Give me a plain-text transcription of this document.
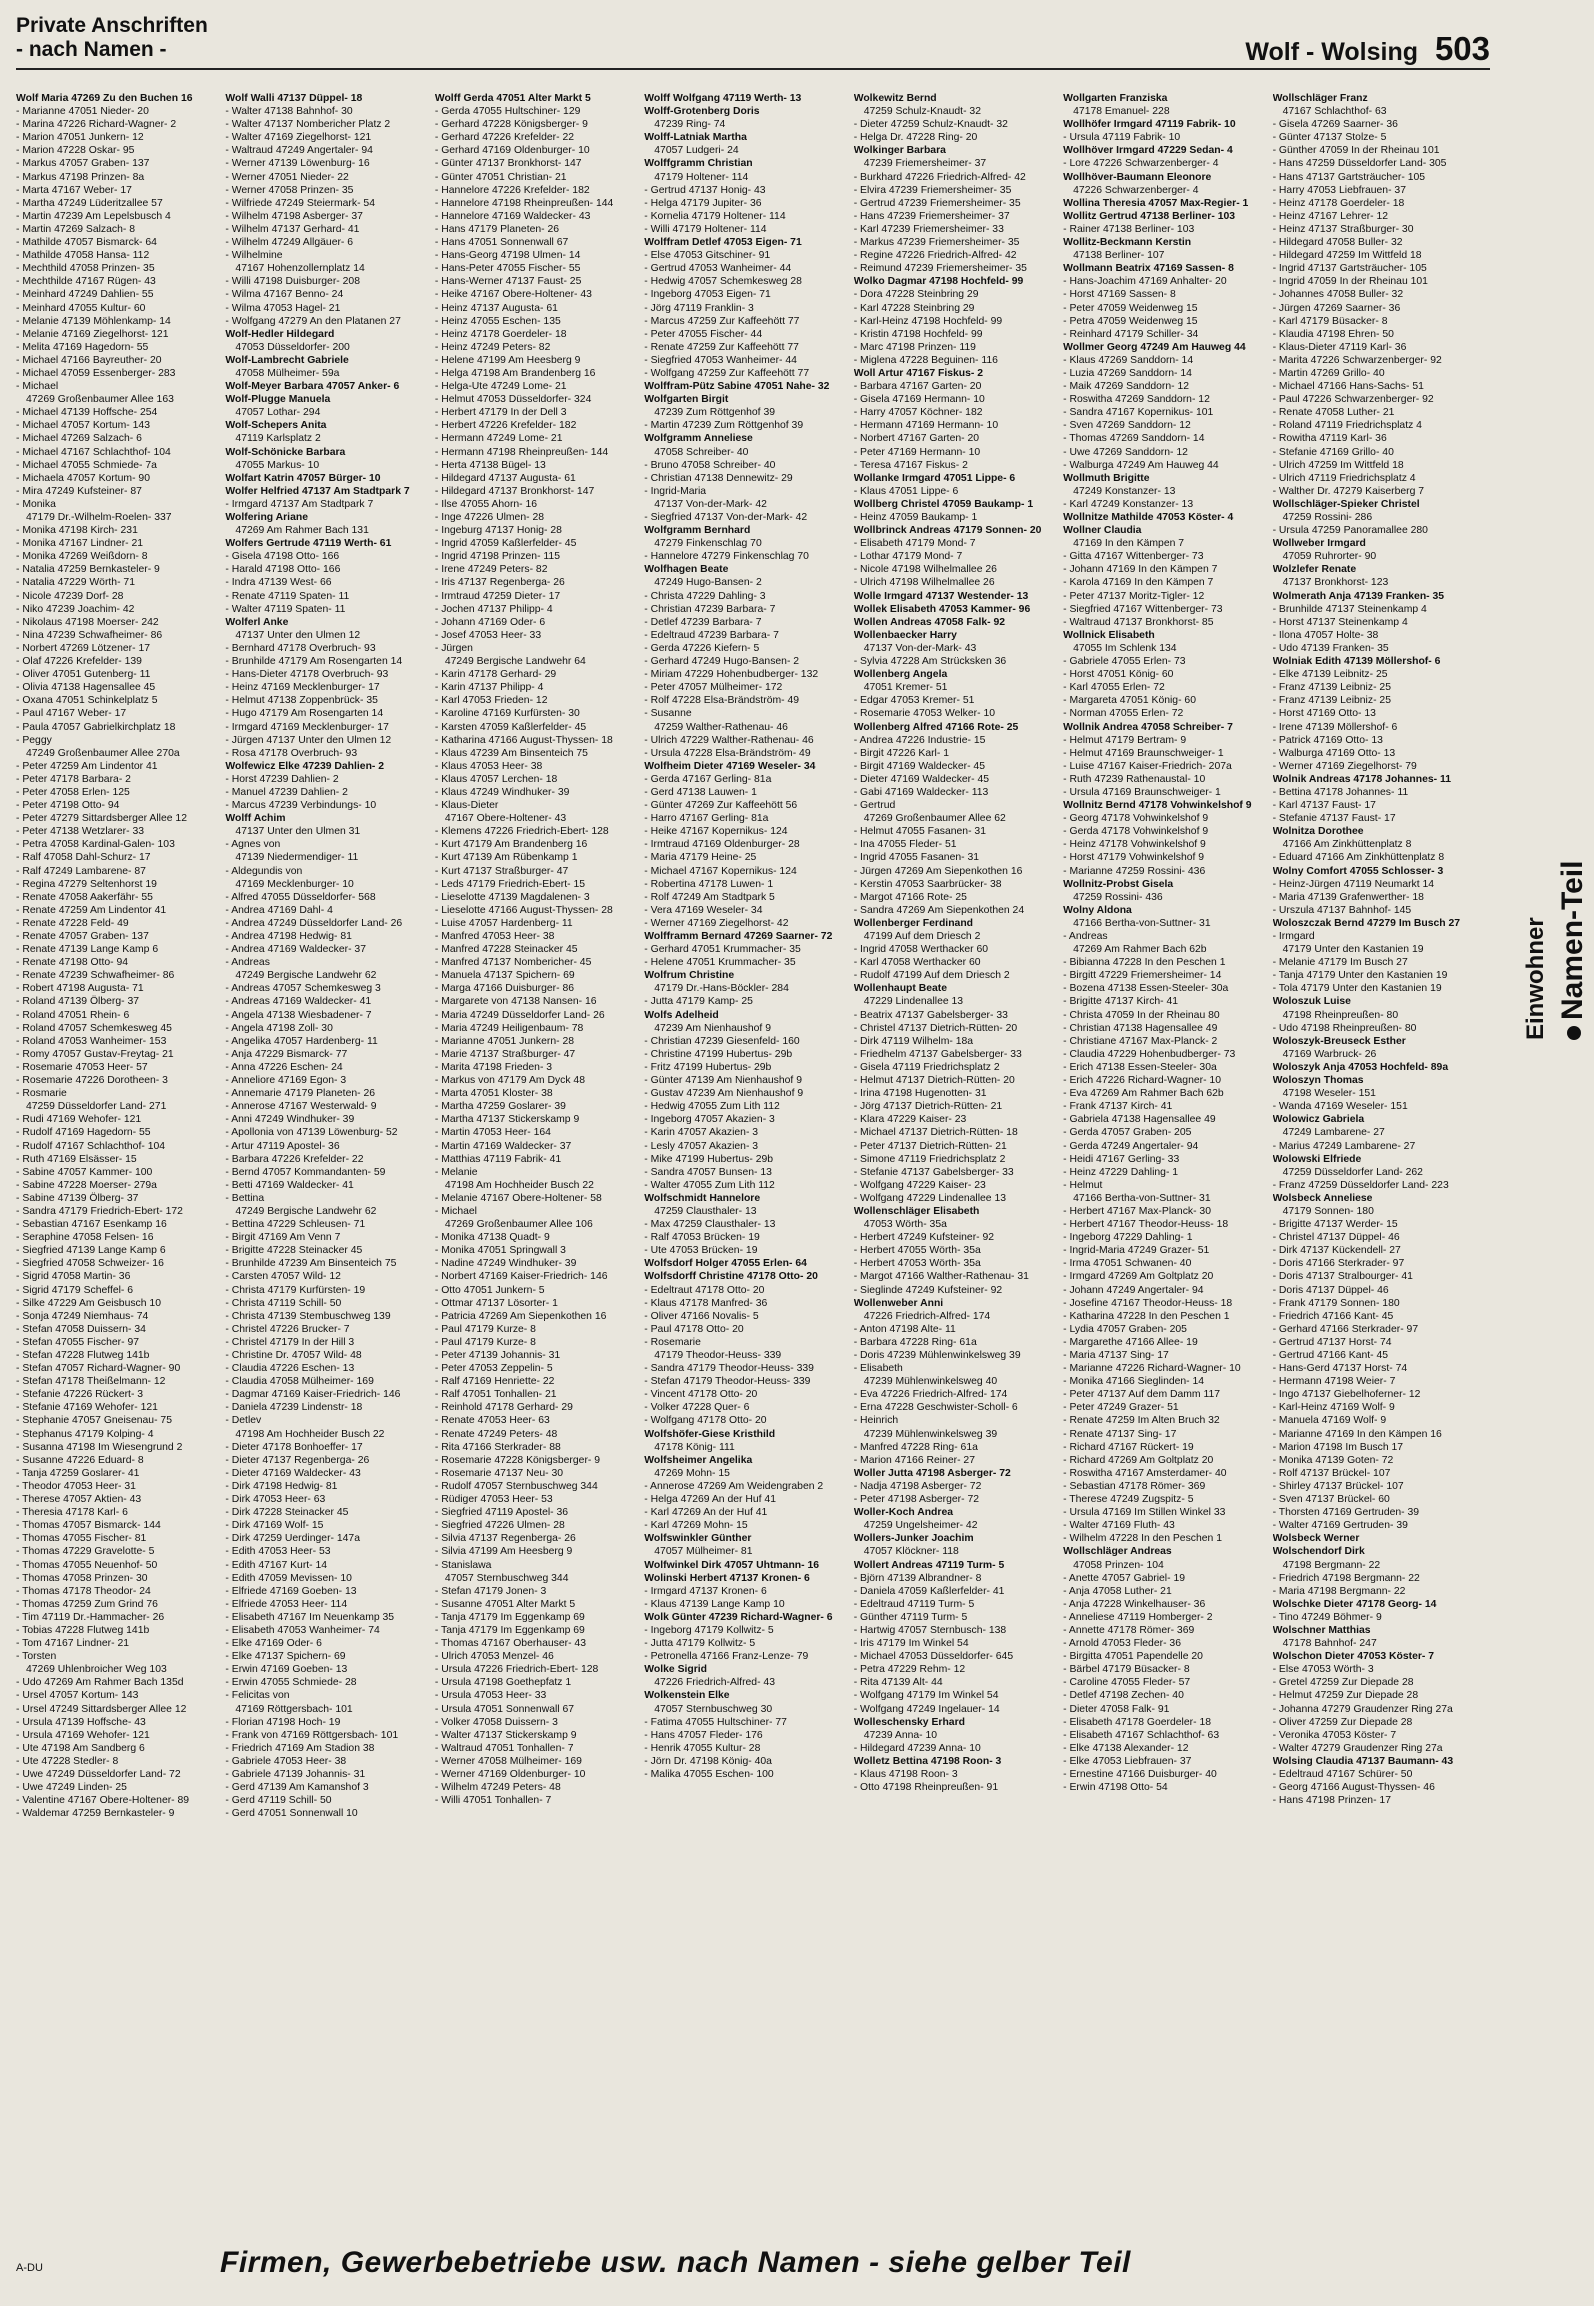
Private Anschriften
- nach Namen -	Wolf - Wolsing 503
Wolf Maria 47269 Zu den Buchen 16
- Marianne 47051 Nieder- 20
- Marina 47226 Richard-Wagner- 2
- Marion 47051 Junkern- 12
- Marion 47228 Oskar- 95
- Markus 47057 Graben- 137
- Markus 47198 Prinzen- 8a
- Marta 47167 Weber- 17
- Martha 47249 Lüderitzallee 57
- Martin 47239 Am Lepelsbusch 4
- Martin 47269 Salzach- 8
- Mathilde 47057 Bismarck- 64
- Mathilde 47058 Hansa- 112
- Mechthild 47058 Prinzen- 35
- Mechthilde 47167 Rügen- 43
- Meinhard 47249 Dahlien- 55
- Meinhard 47055 Kultur- 60
- Melanie 47139 Möhlenkamp- 14
- Melanie 47169 Ziegelhorst- 121
- Melita 47169 Hagedorn- 55
- Michael 47166 Bayreuther- 20
- Michael 47059 Essenberger- 283
- Michael
47269 Großenbaumer Allee 163
- Michael 47139 Hoffsche- 254
- Michael 47057 Kortum- 143
- Michael 47269 Salzach- 6
- Michael 47167 Schlachthof- 104
- Michael 47055 Schmiede- 7a
- Michaela 47057 Kortum- 90
- Mira 47249 Kufsteiner- 87
- Monika
47179 Dr.-Wilhelm-Roelen- 337
- Monika 47198 Kirch- 231
- Monika 47167 Lindner- 21
- Monika 47269 Weißdorn- 8
- Natalia 47259 Bernkasteler- 9
- Natalia 47229 Wörth- 71
- Nicole 47239 Dorf- 28
- Niko 47239 Joachim- 42
- Nikolaus 47198 Moerser- 242
- Nina 47239 Schwafheimer- 86
- Norbert 47269 Lötzener- 17
- Olaf 47226 Krefelder- 139
- Oliver 47051 Gutenberg- 11
- Olivia 47138 Hagensallee 45
- Oxana 47051 Schinkelplatz 5
- Paul 47167 Weber- 17
- Paula 47057 Gabrielkirchplatz 18
- Peggy
47249 Großenbaumer Allee 270a
- Peter 47259 Am Lindentor 41
- Peter 47178 Barbara- 2
- Peter 47058 Erlen- 125
- Peter 47198 Otto- 94
- Peter 47279 Sittardsberger Allee 12
- Peter 47138 Wetzlarer- 33
- Petra 47058 Kardinal-Galen- 103
- Ralf 47058 Dahl-Schurz- 17
- Ralf 47249 Lambarene- 87
- Regina 47279 Seltenhorst 19
- Renate 47058 Aakerfähr- 55
- Renate 47259 Am Lindentor 41
- Renate 47228 Feld- 49
- Renate 47057 Graben- 137
- Renate 47139 Lange Kamp 6
- Renate 47198 Otto- 94
- Renate 47239 Schwafheimer- 86
- Robert 47198 Augusta- 71
- Roland 47139 Ölberg- 37
- Roland 47051 Rhein- 6
- Roland 47057 Schemkesweg 45
- Roland 47053 Wanheimer- 153
- Romy 47057 Gustav-Freytag- 21
- Rosemarie 47053 Heer- 57
- Rosemarie 47226 Dorotheen- 3
- Rosmarie
47259 Düsseldorfer Land- 271
- Rudi 47169 Wehofer- 121
- Rudolf 47169 Hagedorn- 55
- Rudolf 47167 Schlachthof- 104
- Ruth 47169 Elsässer- 15
- Sabine 47057 Kammer- 100
- Sabine 47228 Moerser- 279a
- Sabine 47139 Ölberg- 37
- Sandra 47179 Friedrich-Ebert- 172
- Sebastian 47167 Esenkamp 16
- Seraphine 47058 Felsen- 16
- Siegfried 47139 Lange Kamp 6
- Siegfried 47058 Schweizer- 16
- Sigrid 47058 Martin- 36
- Sigrid 47179 Scheffel- 6
- Silke 47229 Am Geisbusch 10
- Sonja 47249 Niemhaus- 74
- Stefan 47058 Duissern- 34
- Stefan 47055 Fischer- 97
- Stefan 47228 Flutweg 141b
- Stefan 47057 Richard-Wagner- 90
- Stefan 47178 Theißelmann- 12
- Stefanie 47226 Rückert- 3
- Stefanie 47169 Wehofer- 121
- Stephanie 47057 Gneisenau- 75
- Stephanus 47179 Kolping- 4
- Susanna 47198 Im Wiesengrund 2
- Susanne 47226 Eduard- 8
- Tanja 47259 Goslarer- 41
- Theodor 47053 Heer- 31
- Therese 47057 Aktien- 43
- Theresia 47178 Karl- 6
- Thomas 47057 Bismarck- 144
- Thomas 47055 Fischer- 81
- Thomas 47229 Gravelotte- 5
- Thomas 47055 Neuenhof- 50
- Thomas 47058 Prinzen- 30
- Thomas 47178 Theodor- 24
- Thomas 47259 Zum Grind 76
- Tim 47119 Dr.-Hammacher- 26
- Tobias 47228 Flutweg 141b
- Tom 47167 Lindner- 21
- Torsten
47269 Uhlenbroicher Weg 103
- Udo 47269 Am Rahmer Bach 135d
- Ursel 47057 Kortum- 143
- Ursel 47249 Sittardsberger Allee 12
- Ursula 47139 Hoffsche- 43
- Ursula 47169 Wehofer- 121
- Ute 47198 Am Sandberg 6
- Ute 47228 Stedler- 8
- Uwe 47249 Düsseldorfer Land- 72
- Uwe 47249 Linden- 25
- Valentine 47167 Obere-Holtener- 89
- Waldemar 47259 Bernkasteler- 9
Wolf Walli 47137 Düppel- 18
- Walter 47138 Bahnhof- 30
- Walter 47137 Nombericher Platz 2
- Walter 47169 Ziegelhorst- 121
- Waltraud 47249 Angertaler- 94
- Werner 47139 Löwenburg- 16
- Werner 47051 Nieder- 22
- Werner 47058 Prinzen- 35
- Wilfriede 47249 Steiermark- 54
- Wilhelm 47198 Asberger- 37
- Wilhelm 47137 Gerhard- 41
- Wilhelm 47249 Allgäuer- 6
- Wilhelmine
47167 Hohenzollernplatz 14
- Willi 47198 Duisburger- 208
- Wilma 47167 Benno- 24
- Wilma 47053 Hagel- 21
- Wolfgang 47279 An den Platanen 27
Wolf-Hedler Hildegard
47053 Düsseldorfer- 200
Wolf-Lambrecht Gabriele
47058 Mülheimer- 59a
Wolf-Meyer Barbara 47057 Anker- 6
Wolf-Plugge Manuela
47057 Lothar- 294
Wolf-Schepers Anita
47119 Karlsplatz 2
Wolf-Schönicke Barbara
47055 Markus- 10
Wolfart Katrin 47057 Bürger- 10
Wolfer Helfried 47137 Am Stadtpark 7
- Irmgard 47137 Am Stadtpark 7
Wolfering Ariane
47269 Am Rahmer Bach 131
Wolfers Gertrude 47119 Werth- 61
- Gisela 47198 Otto- 166
- Harald 47198 Otto- 166
- Indra 47139 West- 66
- Renate 47119 Spaten- 11
- Walter 47119 Spaten- 11
Wolferl Anke
47137 Unter den Ulmen 12
- Bernhard 47178 Overbruch- 93
- Brunhilde 47179 Am Rosengarten 14
- Hans-Dieter 47178 Overbruch- 93
- Heinz 47169 Mecklenburger- 17
- Helmut 47138 Zoppenbrück- 35
- Hugo 47179 Am Rosengarten 14
- Irmgard 47169 Mecklenburger- 17
- Jürgen 47137 Unter den Ulmen 12
- Rosa 47178 Overbruch- 93
Wolfewicz Elke 47239 Dahlien- 2
- Horst 47239 Dahlien- 2
- Manuel 47239 Dahlien- 2
- Marcus 47239 Verbindungs- 10
Wolff Achim
47137 Unter den Ulmen 31
- Agnes von
47139 Niedermendiger- 11
- Aldegundis von
47169 Mecklenburger- 10
- Alfred 47055 Düsseldorfer- 568
- Andrea 47169 Dahl- 4
- Andrea 47249 Düsseldorfer Land- 26
- Andrea 47198 Hedwig- 81
- Andrea 47169 Waldecker- 37
- Andreas
47249 Bergische Landwehr 62
- Andreas 47057 Schemkesweg 3
- Andreas 47169 Waldecker- 41
- Angela 47138 Wiesbadener- 7
- Angela 47198 Zoll- 30
- Angelika 47057 Hardenberg- 11
- Anja 47229 Bismarck- 77
- Anna 47226 Eschen- 24
- Anneliore 47169 Egon- 3
- Annemarie 47179 Planeten- 26
- Annerose 47167 Westerwald- 9
- Anni 47249 Windhuker- 39
- Apollonia von 47139 Löwenburg- 52
- Artur 47119 Apostel- 36
- Barbara 47226 Krefelder- 22
- Bernd 47057 Kommandanten- 59
- Betti 47169 Waldecker- 41
- Bettina
47249 Bergische Landwehr 62
- Bettina 47229 Schleusen- 71
- Birgit 47169 Am Venn 7
- Brigitte 47228 Steinacker 45
- Brunhilde 47239 Am Binsenteich 75
- Carsten 47057 Wild- 12
- Christa 47179 Kurfürsten- 19
- Christa 47119 Schill- 50
- Christa 47139 Stembuschweg 139
- Christel 47226 Brucker- 7
- Christel 47179 In der Hill 3
- Christine Dr. 47057 Wild- 48
- Claudia 47226 Eschen- 13
- Claudia 47058 Mülheimer- 169
- Dagmar 47169 Kaiser-Friedrich- 146
- Daniela 47239 Lindenstr- 18
- Detlev
47198 Am Hochheider Busch 22
- Dieter 47178 Bonhoeffer- 17
- Dieter 47137 Regenberga- 26
- Dieter 47169 Waldecker- 43
- Dirk 47198 Hedwig- 81
- Dirk 47053 Heer- 63
- Dirk 47228 Steinacker 45
- Dirk 47169 Wolf- 15
- Dirk 47259 Uerdinger- 147a
- Edith 47053 Heer- 53
- Edith 47167 Kurt- 14
- Edith 47059 Mevissen- 10
- Elfriede 47169 Goeben- 13
- Elfriede 47053 Heer- 114
- Elisabeth 47167 Im Neuenkamp 35
- Elisabeth 47053 Wanheimer- 74
- Elke 47169 Oder- 6
- Elke 47137 Spichern- 69
- Erwin 47169 Goeben- 13
- Erwin 47055 Schmiede- 28
- Felicitas von
47169 Röttgersbach- 101
- Florian 47198 Hoch- 19
- Frank von 47169 Röttgersbach- 101
- Friedrich 47169 Am Stadion 38
- Gabriele 47053 Heer- 38
- Gabriele 47139 Johannis- 31
- Gerd 47139 Am Kamanshof 3
- Gerd 47119 Schill- 50
- Gerd 47051 Sonnenwall 10
Wolff Gerda 47051 Alter Markt 5
- Gerda 47055 Hultschiner- 129
- Gerhard 47228 Königsberger- 9
- Gerhard 47226 Krefelder- 22
- Gerhard 47169 Oldenburger- 10
- Günter 47137 Bronkhorst- 147
- Günter 47051 Christian- 21
- Hannelore 47226 Krefelder- 182
- Hannelore 47198 Rheinpreußen- 144
- Hannelore 47169 Waldecker- 43
- Hans 47179 Planeten- 26
- Hans 47051 Sonnenwall 67
- Hans-Georg 47198 Ulmen- 14
- Hans-Peter 47055 Fischer- 55
- Hans-Werner 47137 Faust- 25
- Heike 47167 Obere-Holtener- 43
- Heinz 47137 Augusta- 61
- Heinz 47055 Eschen- 135
- Heinz 47178 Goerdeler- 18
- Heinz 47249 Peters- 82
- Helene 47199 Am Heesberg 9
- Helga 47198 Am Brandenberg 16
- Helga-Ute 47249 Lome- 21
- Helmut 47053 Düsseldorfer- 324
- Herbert 47179 In der Dell 3
- Herbert 47226 Krefelder- 182
- Hermann 47249 Lome- 21
- Hermann 47198 Rheinpreußen- 144
- Herta 47138 Bügel- 13
- Hildegard 47137 Augusta- 61
- Hildegard 47137 Bronkhorst- 147
- Ilse 47055 Ahorn- 16
- Inge 47226 Ulmen- 28
- Ingeburg 47137 Honig- 28
- Ingrid 47059 Kaßlerfelder- 45
- Ingrid 47198 Prinzen- 115
- Irene 47249 Peters- 82
- Iris 47137 Regenberga- 26
- Irmtraud 47259 Dieter- 17
- Jochen 47137 Philipp- 4
- Johann 47169 Oder- 6
- Josef 47053 Heer- 33
- Jürgen
47249 Bergische Landwehr 64
- Karin 47178 Gerhard- 29
- Karin 47137 Philipp- 4
- Karl 47053 Frieden- 12
- Karoline 47169 Kurfürsten- 30
- Karsten 47059 Kaßlerfelder- 45
- Katharina 47166 August-Thyssen- 18
- Klaus 47239 Am Binsenteich 75
- Klaus 47053 Heer- 38
- Klaus 47057 Lerchen- 18
- Klaus 47249 Windhuker- 39
- Klaus-Dieter
47167 Obere-Holtener- 43
- Klemens 47226 Friedrich-Ebert- 128
- Kurt 47179 Am Brandenberg 16
- Kurt 47139 Am Rübenkamp 1
- Kurt 47137 Straßburger- 47
- Leds 47179 Friedrich-Ebert- 15
- Lieselotte 47139 Magdalenen- 3
- Lieselotte 47166 August-Thyssen- 28
- Luise 47057 Hardenberg- 11
- Manfred 47053 Heer- 38
- Manfred 47228 Steinacker 45
- Manfred 47137 Nombericher- 45
- Manuela 47137 Spichern- 69
- Marga 47166 Duisburger- 86
- Margarete von 47138 Nansen- 16
- Maria 47249 Düsseldorfer Land- 26
- Maria 47249 Heiligenbaum- 78
- Marianne 47051 Junkern- 28
- Marie 47137 Straßburger- 47
- Marita 47198 Frieden- 3
- Markus von 47179 Am Dyck 48
- Marta 47051 Kloster- 38
- Martha 47259 Goslarer- 39
- Martha 47137 Stickerskamp 9
- Martin 47053 Heer- 164
- Martin 47169 Waldecker- 37
- Matthias 47119 Fabrik- 41
- Melanie
47198 Am Hochheider Busch 22
- Melanie 47167 Obere-Holtener- 58
- Michael
47269 Großenbaumer Allee 106
- Monika 47138 Quadt- 9
- Monika 47051 Springwall 3
- Nadine 47249 Windhuker- 39
- Norbert 47169 Kaiser-Friedrich- 146
- Otto 47051 Junkern- 5
- Ottmar 47137 Lösorter- 1
- Patricia 47269 Am Siepenkothen 16
- Paul 47179 Kurze- 8
- Paul 47179 Kurze- 8
- Peter 47139 Johannis- 31
- Peter 47053 Zeppelin- 5
- Ralf 47169 Henriette- 22
- Ralf 47051 Tonhallen- 21
- Reinhold 47178 Gerhard- 29
- Renate 47053 Heer- 63
- Renate 47249 Peters- 48
- Rita 47166 Sterkrader- 88
- Rosemarie 47228 Königsberger- 9
- Rosemarie 47137 Neu- 30
- Rudolf 47057 Sternbuschweg 344
- Rüdiger 47053 Heer- 53
- Siegfried 47119 Apostel- 36
- Siegfried 47226 Ulmen- 28
- Silvia 47137 Regenberga- 26
- Silvia 47199 Am Heesberg 9
- Stanislawa
47057 Sternbuschweg 344
- Stefan 47179 Jonen- 3
- Susanne 47051 Alter Markt 5
- Tanja 47179 Im Eggenkamp 69
- Tanja 47179 Im Eggenkamp 69
- Thomas 47167 Oberhauser- 43
- Ulrich 47053 Menzel- 46
- Ursula 47226 Friedrich-Ebert- 128
- Ursula 47198 Goethepfatz 1
- Ursula 47053 Heer- 33
- Ursula 47051 Sonnenwall 67
- Volker 47058 Duissern- 3
- Walter 47137 Stickerskamp 9
- Waltraud 47051 Tonhallen- 7
- Werner 47058 Mülheimer- 169
- Werner 47169 Oldenburger- 10
- Wilhelm 47249 Peters- 48
- Willi 47051 Tonhallen- 7
Wolff Wolfgang 47119 Werth- 13
Wolff-Grotenberg Doris
47239 Ring- 74
Wolff-Latniak Martha
47057 Ludgeri- 24
Wolffgramm Christian
47179 Holtener- 114
- Gertrud 47137 Honig- 43
- Helga 47179 Jupiter- 36
- Kornelia 47179 Holtener- 114
- Willi 47179 Holtener- 114
Wolffram Detlef 47053 Eigen- 71
- Else 47053 Gitschiner- 91
- Gertrud 47053 Wanheimer- 44
- Hedwig 47057 Schemkesweg 28
- Ingeborg 47053 Eigen- 71
- Jörg 47119 Franklin- 3
- Marcus 47259 Zur Kaffeehött 77
- Peter 47055 Fischer- 44
- Renate 47259 Zur Kaffeehött 77
- Siegfried 47053 Wanheimer- 44
- Wolfgang 47259 Zur Kaffeehött 77
Wolffram-Pütz Sabine 47051 Nahe- 32
Wolfgarten Birgit
47239 Zum Röttgenhof 39
- Martin 47239 Zum Röttgenhof 39
Wolfgramm Anneliese
47058 Schreiber- 40
- Bruno 47058 Schreiber- 40
- Christian 47138 Dennewitz- 29
- Ingrid-Maria
47137 Von-der-Mark- 42
- Siegfried 47137 Von-der-Mark- 42
Wolfgramm Bernhard
47279 Finkenschlag 70
- Hannelore 47279 Finkenschlag 70
Wolfhagen Beate
47249 Hugo-Bansen- 2
- Christa 47229 Dahling- 3
- Christian 47239 Barbara- 7
- Detlef 47239 Barbara- 7
- Edeltraud 47239 Barbara- 7
- Gerda 47226 Kiefern- 5
- Gerhard 47249 Hugo-Bansen- 2
- Miriam 47229 Hohenbudberger- 132
- Peter 47057 Mülheimer- 172
- Rolf 47228 Elsa-Brändström- 49
- Susanne
47259 Walther-Rathenau- 46
- Ulrich 47229 Walther-Rathenau- 46
- Ursula 47228 Elsa-Brändström- 49
Wolfheim Dieter 47169 Weseler- 34
- Gerda 47167 Gerling- 81a
- Gerd 47138 Lauwen- 1
- Günter 47269 Zur Kaffeehött 56
- Harro 47167 Gerling- 81a
- Heike 47167 Kopernikus- 124
- Irmtraud 47169 Oldenburger- 28
- Maria 47179 Heine- 25
- Michael 47167 Kopernikus- 124
- Robertina 47178 Luwen- 1
- Rolf 47249 Am Stadtpark 5
- Vera 47169 Weseler- 34
- Werner 47169 Ziegelhorst- 42
Wolfframm Bernard 47269 Saarner- 72
- Gerhard 47051 Krummacher- 35
- Helene 47051 Krummacher- 35
Wolfrum Christine
47179 Dr.-Hans-Böckler- 284
- Jutta 47179 Kamp- 25
Wolfs Adelheid
47239 Am Nienhaushof 9
- Christian 47239 Giesenfeld- 160
- Christine 47199 Hubertus- 29b
- Fritz 47199 Hubertus- 29b
- Günter 47139 Am Nienhaushof 9
- Gustav 47239 Am Nienhaushof 9
- Hedwig 47055 Zum Lith 112
- Ingeborg 47057 Akazien- 3
- Karin 47057 Akazien- 3
- Lesly 47057 Akazien- 3
- Mike 47199 Hubertus- 29b
- Sandra 47057 Bunsen- 13
- Walter 47055 Zum Lith 112
Wolfschmidt Hannelore
47259 Clausthaler- 13
- Max 47259 Clausthaler- 13
- Ralf 47053 Brücken- 19
- Ute 47053 Brücken- 19
Wolfsdorf Holger 47055 Erlen- 64
Wolfsdorff Christine 47178 Otto- 20
- Edeltraut 47178 Otto- 20
- Klaus 47178 Manfred- 36
- Oliver 47166 Novalis- 5
- Paul 47178 Otto- 20
- Rosemarie
47179 Theodor-Heuss- 339
- Sandra 47179 Theodor-Heuss- 339
- Stefan 47179 Theodor-Heuss- 339
- Vincent 47178 Otto- 20
- Volker 47228 Quer- 6
- Wolfgang 47178 Otto- 20
Wolfshöfer-Giese Kristhild
47178 König- 111
Wolfsheimer Angelika
47269 Mohn- 15
- Annerose 47269 Am Weidengraben 2
- Helga 47269 An der Huf 41
- Karl 47269 An der Huf 41
- Karl 47269 Mohn- 15
Wolfswinkler Günther
47057 Mülheimer- 81
Wolfwinkel Dirk 47057 Uhtmann- 16
Wolinski Herbert 47137 Kronen- 6
- Irmgard 47137 Kronen- 6
- Klaus 47139 Lange Kamp 10
Wolk Günter 47239 Richard-Wagner- 6
- Ingeborg 47179 Kollwitz- 5
- Jutta 47179 Kollwitz- 5
- Petronella 47166 Franz-Lenze- 79
Wolke Sigrid
47226 Friedrich-Alfred- 43
Wolkenstein Elke
47057 Sternbuschweg 30
- Fatima 47055 Hultschiner- 77
- Hans 47057 Fleder- 176
- Henrik 47055 Kultur- 28
- Jörn Dr. 47198 König- 40a
- Malika 47055 Eschen- 100
Wolkewitz Bernd
47259 Schulz-Knaudt- 32
- Dieter 47259 Schulz-Knaudt- 32
- Helga Dr. 47228 Ring- 20
Wolkinger Barbara
47239 Friemersheimer- 37
- Burkhard 47226 Friedrich-Alfred- 42
- Elvira 47239 Friemersheimer- 35
- Gertrud 47239 Friemersheimer- 35
- Hans 47239 Friemersheimer- 37
- Karl 47239 Friemersheimer- 33
- Markus 47239 Friemersheimer- 35
- Regine 47226 Friedrich-Alfred- 42
- Reimund 47239 Friemersheimer- 35
Wolko Dagmar 47198 Hochfeld- 99
- Dora 47228 Steinbring 29
- Karl 47228 Steinbring 29
- Karl-Heinz 47198 Hochfeld- 99
- Kristin 47198 Hochfeld- 99
- Marc 47198 Prinzen- 119
- Miglena 47228 Beguinen- 116
Woll Artur 47167 Fiskus- 2
- Barbara 47167 Garten- 20
- Gisela 47169 Hermann- 10
- Harry 47057 Köchner- 182
- Hermann 47169 Hermann- 10
- Norbert 47167 Garten- 20
- Peter 47169 Hermann- 10
- Teresa 47167 Fiskus- 2
Wollanke Irmgard 47051 Lippe- 6
- Klaus 47051 Lippe- 6
Wollberg Christel 47059 Baukamp- 1
- Heinz 47059 Baukamp- 1
Wollbrinck Andreas 47179 Sonnen- 20
- Elisabeth 47179 Mond- 7
- Lothar 47179 Mond- 7
- Nicole 47198 Wilhelmallee 26
- Ulrich 47198 Wilhelmallee 26
Wolle Irmgard 47137 Westender- 13
Wollek Elisabeth 47053 Kammer- 96
Wollen Andreas 47058 Falk- 92
Wollenbaecker Harry
47137 Von-der-Mark- 43
- Sylvia 47228 Am Strücksken 36
Wollenberg Angela
47051 Kremer- 51
- Edgar 47053 Kremer- 51
- Rosemarie 47053 Welker- 10
Wollenberg Alfred 47166 Rote- 25
- Andrea 47226 Industrie- 15
- Birgit 47226 Karl- 1
- Birgit 47169 Waldecker- 45
- Dieter 47169 Waldecker- 45
- Gabi 47169 Waldecker- 113
- Gertrud
47269 Großenbaumer Allee 62
- Helmut 47055 Fasanen- 31
- Ina 47055 Fleder- 51
- Ingrid 47055 Fasanen- 31
- Jürgen 47269 Am Siepenkothen 16
- Kerstin 47053 Saarbrücker- 38
- Margot 47166 Rote- 25
- Sandra 47269 Am Siepenkothen 24
Wollenberger Ferdinand
47199 Auf dem Driesch 2
- Ingrid 47058 Werthacker 60
- Karl 47058 Werthacker 60
- Rudolf 47199 Auf dem Driesch 2
Wollenhaupt Beate
47229 Lindenallee 13
- Beatrix 47137 Gabelsberger- 33
- Christel 47137 Dietrich-Rütten- 20
- Dirk 47119 Wilhelm- 18a
- Friedhelm 47137 Gabelsberger- 33
- Gisela 47119 Friedrichsplatz 2
- Helmut 47137 Dietrich-Rütten- 20
- Irina 47198 Hugenotten- 31
- Jörg 47137 Dietrich-Rütten- 21
- Klara 47229 Kaiser- 23
- Michael 47137 Dietrich-Rütten- 18
- Peter 47137 Dietrich-Rütten- 21
- Simone 47119 Friedrichsplatz 2
- Stefanie 47137 Gabelsberger- 33
- Wolfgang 47229 Kaiser- 23
- Wolfgang 47229 Lindenallee 13
Wollenschläger Elisabeth
47053 Wörth- 35a
- Herbert 47249 Kufsteiner- 92
- Herbert 47055 Wörth- 35a
- Herbert 47053 Wörth- 35a
- Margot 47166 Walther-Rathenau- 31
- Sieglinde 47249 Kufsteiner- 92
Wollenweber Anni
47226 Friedrich-Alfred- 174
- Anton 47198 Alte- 11
- Barbara 47228 Ring- 61a
- Doris 47239 Mühlenwinkelsweg 39
- Elisabeth
47239 Mühlenwinkelsweg 40
- Eva 47226 Friedrich-Alfred- 174
- Erna 47228 Geschwister-Scholl- 6
- Heinrich
47239 Mühlenwinkelsweg 39
- Manfred 47228 Ring- 61a
- Marion 47166 Reiner- 27
Woller Jutta 47198 Asberger- 72
- Nadja 47198 Asberger- 72
- Peter 47198 Asberger- 72
Woller-Koch Andrea
47259 Ungelsheimer- 42
Wollers-Junker Joachim
47057 Klöckner- 118
Wollert Andreas 47119 Turm- 5
- Björn 47139 Albrandner- 8
- Daniela 47059 Kaßlerfelder- 41
- Edeltraud 47119 Turm- 5
- Günther 47119 Turm- 5
- Hartwig 47057 Sternbusch- 138
- Iris 47179 Im Winkel 54
- Michael 47053 Düsseldorfer- 645
- Petra 47229 Rehm- 12
- Rita 47139 Alt- 44
- Wolfgang 47179 Im Winkel 54
- Wolfgang 47249 Ingelauer- 14
Wolleschensky Erhard
47239 Anna- 10
- Hildegard 47239 Anna- 10
Wolletz Bettina 47198 Roon- 3
- Klaus 47198 Roon- 3
- Otto 47198 Rheinpreußen- 91
Wollgarten Franziska
47178 Emanuel- 228
Wollhöfer Irmgard 47119 Fabrik- 10
- Ursula 47119 Fabrik- 10
Wollhöver Irmgard 47229 Sedan- 4
- Lore 47226 Schwarzenberger- 4
Wollhöver-Baumann Eleonore
47226 Schwarzenberger- 4
Wollina Theresia 47057 Max-Regier- 1
Wollitz Gertrud 47138 Berliner- 103
- Rainer 47138 Berliner- 103
Wollitz-Beckmann Kerstin
47138 Berliner- 107
Wollmann Beatrix 47169 Sassen- 8
- Hans-Joachim 47169 Anhalter- 20
- Horst 47169 Sassen- 8
- Peter 47059 Weidenweg 15
- Petra 47059 Weidenweg 15
- Reinhard 47179 Schiller- 34
Wollmer Georg 47249 Am Hauweg 44
- Klaus 47269 Sanddorn- 14
- Luzia 47269 Sanddorn- 14
- Maik 47269 Sanddorn- 12
- Roswitha 47269 Sanddorn- 12
- Sandra 47167 Kopernikus- 101
- Sven 47269 Sanddorn- 12
- Thomas 47269 Sanddorn- 14
- Uwe 47269 Sanddorn- 12
- Walburga 47249 Am Hauweg 44
Wollmuth Brigitte
47249 Konstanzer- 13
- Karl 47249 Konstanzer- 13
Wollnitze Mathilde 47053 Köster- 4
Wollner Claudia
47169 In den Kämpen 7
- Gitta 47167 Wittenberger- 73
- Johann 47169 In den Kämpen 7
- Karola 47169 In den Kämpen 7
- Peter 47137 Moritz-Tigler- 12
- Siegfried 47167 Wittenberger- 73
- Waltraud 47137 Bronkhorst- 85
Wollnick Elisabeth
47055 Im Schlenk 134
- Gabriele 47055 Erlen- 73
- Horst 47051 König- 60
- Karl 47055 Erlen- 72
- Margareta 47051 König- 60
- Norman 47055 Erlen- 72
Wollnik Andrea 47058 Schreiber- 7
- Helmut 47179 Bertram- 9
- Helmut 47169 Braunschweiger- 1
- Luise 47167 Kaiser-Friedrich- 207a
- Ruth 47239 Rathenaustal- 10
- Ursula 47169 Braunschweiger- 1
Wollnitz Bernd 47178 Vohwinkelshof 9
- Georg 47178 Vohwinkelshof 9
- Gerda 47178 Vohwinkelshof 9
- Heinz 47178 Vohwinkelshof 9
- Horst 47179 Vohwinkelshof 9
- Marianne 47259 Rossini- 436
Wollnitz-Probst Gisela
47259 Rossini- 436
Wolny Aldona
47166 Bertha-von-Suttner- 31
- Andreas
47269 Am Rahmer Bach 62b
- Bibianna 47228 In den Peschen 1
- Birgitt 47229 Friemersheimer- 14
- Bozena 47138 Essen-Steeler- 30a
- Brigitte 47137 Kirch- 41
- Christa 47059 In der Rheinau 80
- Christian 47138 Hagensallee 49
- Christiane 47167 Max-Planck- 2
- Claudia 47229 Hohenbudberger- 73
- Erich 47138 Essen-Steeler- 30a
- Erich 47226 Richard-Wagner- 10
- Eva 47269 Am Rahmer Bach 62b
- Frank 47137 Kirch- 41
- Gabriela 47138 Hagensallee 49
- Gerda 47057 Graben- 205
- Gerda 47249 Angertaler- 94
- Heidi 47167 Gerling- 33
- Heinz 47229 Dahling- 1
- Helmut
47166 Bertha-von-Suttner- 31
- Herbert 47167 Max-Planck- 30
- Herbert 47167 Theodor-Heuss- 18
- Ingeborg 47229 Dahling- 1
- Ingrid-Maria 47249 Grazer- 51
- Irma 47051 Schwanen- 40
- Irmgard 47269 Am Goltplatz 20
- Johann 47249 Angertaler- 94
- Josefine 47167 Theodor-Heuss- 18
- Katharina 47228 In den Peschen 1
- Lydia 47057 Graben- 205
- Margarethe 47166 Allee- 19
- Maria 47137 Sing- 17
- Marianne 47226 Richard-Wagner- 10
- Monika 47166 Sieglinden- 14
- Peter 47137 Auf dem Damm 117
- Peter 47249 Grazer- 51
- Renate 47259 Im Alten Bruch 32
- Renate 47137 Sing- 17
- Richard 47167 Rückert- 19
- Richard 47269 Am Goltplatz 20
- Roswitha 47167 Amsterdamer- 40
- Sebastian 47178 Römer- 369
- Therese 47249 Zugspitz- 5
- Ursula 47169 Im Stillen Winkel 33
- Walter 47169 Fluth- 43
- Wilhelm 47228 In den Peschen 1
Wollschläger Andreas
47058 Prinzen- 104
- Anette 47057 Gabriel- 19
- Anja 47058 Luther- 21
- Anja 47228 Winkelhauser- 36
- Anneliese 47119 Homberger- 2
- Annette 47178 Römer- 369
- Arnold 47053 Fleder- 36
- Birgitta 47051 Papendelle 20
- Bärbel 47179 Büsacker- 8
- Caroline 47055 Fleder- 57
- Detlef 47198 Zechen- 40
- Dieter 47058 Falk- 91
- Elisabeth 47178 Goerdeler- 18
- Elisabeth 47167 Schlachthof- 63
- Elke 47138 Alexander- 12
- Elke 47053 Liebfrauen- 37
- Ernestine 47166 Duisburger- 40
- Erwin 47198 Otto- 54
Wollschläger Franz
47167 Schlachthof- 63
- Gisela 47269 Saarner- 36
- Günter 47137 Stolze- 5
- Günther 47059 In der Rheinau 101
- Hans 47259 Düsseldorfer Land- 305
- Hans 47137 Gartsträucher- 105
- Harry 47053 Liebfrauen- 37
- Heinz 47178 Goerdeler- 18
- Heinz 47167 Lehrer- 12
- Heinz 47137 Straßburger- 30
- Hildegard 47058 Buller- 32
- Hildegard 47259 Im Wittfeld 18
- Ingrid 47137 Gartsträucher- 105
- Ingrid 47059 In der Rheinau 101
- Johannes 47058 Buller- 32
- Jürgen 47269 Saarner- 36
- Karl 47179 Büsacker- 8
- Klaudia 47198 Ehren- 50
- Klaus-Dieter 47119 Karl- 36
- Marita 47226 Schwarzenberger- 92
- Martin 47269 Grillo- 40
- Michael 47166 Hans-Sachs- 51
- Paul 47226 Schwarzenberger- 92
- Renate 47058 Luther- 21
- Roland 47119 Friedrichsplatz 4
- Rowitha 47119 Karl- 36
- Stefanie 47169 Grillo- 40
- Ulrich 47259 Im Wittfeld 18
- Ulrich 47119 Friedrichsplatz 4
- Walther Dr. 47279 Kaiserberg 7
Wollschläger-Spieker Christel
47259 Rossini- 286
- Ursula 47259 Panoramallee 280
Wollweber Irmgard
47059 Ruhrorter- 90
Wolzlefer Renate
47137 Bronkhorst- 123
Wolmerath Anja 47139 Franken- 35
- Brunhilde 47137 Steinenkamp 4
- Horst 47137 Steinenkamp 4
- Ilona 47057 Holte- 38
- Udo 47139 Franken- 35
Wolniak Edith 47139 Möllershof- 6
- Elke 47139 Leibnitz- 25
- Franz 47139 Leibniz- 25
- Franz 47139 Leibniz- 25
- Horst 47169 Otto- 13
- Irene 47139 Möllershof- 6
- Patrick 47169 Otto- 13
- Walburga 47169 Otto- 13
- Werner 47169 Ziegelhorst- 79
Wolnik Andreas 47178 Johannes- 11
- Bettina 47178 Johannes- 11
- Karl 47137 Faust- 17
- Stefanie 47137 Faust- 17
Wolnitza Dorothee
47166 Am Zinkhüttenplatz 8
- Eduard 47166 Am Zinkhüttenplatz 8
Wolny Comfort 47055 Schlosser- 3
- Heinz-Jürgen 47119 Neumarkt 14
- Maria 47139 Grafenwerther- 18
- Urszula 47137 Bahnhof- 145
Woloszczak Bernd 47279 Im Busch 27
- Irmgard
47179 Unter den Kastanien 19
- Melanie 47179 Im Busch 27
- Tanja 47179 Unter den Kastanien 19
- Tola 47179 Unter den Kastanien 19
Woloszuk Luise
47198 Rheinpreußen- 80
- Udo 47198 Rheinpreußen- 80
Woloszyk-Breuseck Esther
47169 Warbruck- 26
Woloszyk Anja 47053 Hochfeld- 89a
Woloszyn Thomas
47198 Weseler- 151
- Wanda 47169 Weseler- 151
Wolowicz Gabriela
47249 Lambarene- 27
- Marius 47249 Lambarene- 27
Wolowski Elfriede
47259 Düsseldorfer Land- 262
- Franz 47259 Düsseldorfer Land- 223
Wolsbeck Anneliese
47179 Sonnen- 180
- Brigitte 47137 Werder- 15
- Christel 47137 Düppel- 46
- Dirk 47137 Kückendell- 27
- Doris 47166 Sterkrader- 97
- Doris 47137 Stralbourger- 41
- Doris 47137 Düppel- 46
- Frank 47179 Sonnen- 180
- Friedrich 47166 Kant- 45
- Gerhard 47166 Sterkrader- 97
- Gertrud 47137 Horst- 74
- Gertrud 47166 Kant- 45
- Hans-Gerd 47137 Horst- 74
- Hermann 47198 Weier- 7
- Ingo 47137 Giebelhoferner- 12
- Karl-Heinz 47169 Wolf- 9
- Manuela 47169 Wolf- 9
- Marianne 47169 In den Kämpen 16
- Marion 47198 Im Busch 17
- Monika 47139 Goten- 72
- Rolf 47137 Brückel- 107
- Shirley 47137 Brückel- 107
- Sven 47137 Brückel- 60
- Thorsten 47169 Gertruden- 39
- Walter 47169 Gertruden- 39
Wolsbeck Werner
Wolschendorf Dirk
47198 Bergmann- 22
- Friedrich 47198 Bergmann- 22
- Maria 47198 Bergmann- 22
Wolschke Dieter 47178 Georg- 14
- Tino 47249 Böhmer- 9
Wolschner Matthias
47178 Bahnhof- 247
Wolschon Dieter 47053 Köster- 7
- Else 47053 Wörth- 3
- Gretel 47259 Zur Diepade 28
- Helmut 47259 Zur Diepade 28
- Johanna 47279 Graudenzer Ring 27a
- Oliver 47259 Zur Diepade 28
- Veronika 47053 Köster- 7
- Walter 47279 Graudenzer Ring 27a
Wolsing Claudia 47137 Baumann- 43
- Edeltraud 47167 Schürer- 50
- Georg 47166 August-Thyssen- 46
- Hans 47198 Prinzen- 17
Einwohner Namen-Teil
A-DU	Firmen, Gewerbebetriebe usw. nach Namen - siehe gelber Teil
